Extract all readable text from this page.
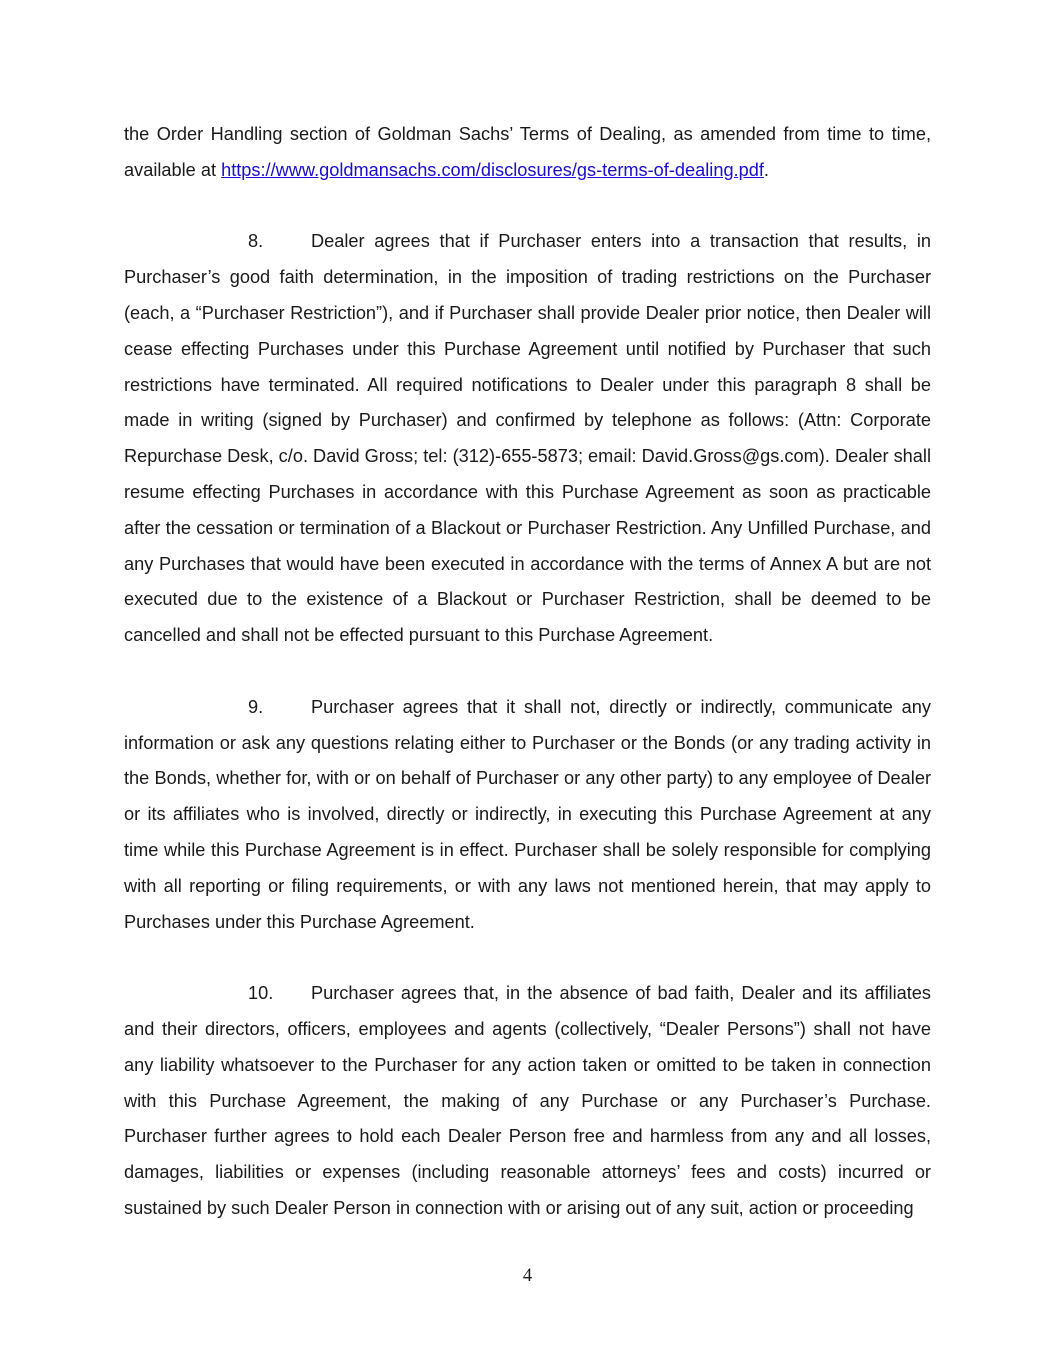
the Order Handling section of Goldman Sachs’ Terms of Dealing, as amended from time to time, available at https://www.goldmansachs.com/disclosures/gs-terms-of-dealing.pdf.

8.	Dealer agrees that if Purchaser enters into a transaction that results, in Purchaser’s good faith determination, in the imposition of trading restrictions on the Purchaser (each, a “Purchaser Restriction”), and if Purchaser shall provide Dealer prior notice, then Dealer will cease effecting Purchases under this Purchase Agreement until notified by Purchaser that such restrictions have terminated. All required notifications to Dealer under this paragraph 8 shall be made in writing (signed by Purchaser) and confirmed by telephone as follows: (Attn: Corporate Repurchase Desk, c/o. David Gross; tel: (312)-655-5873; email: David.Gross@gs.com). Dealer shall resume effecting Purchases in accordance with this Purchase Agreement as soon as practicable after the cessation or termination of a Blackout or Purchaser Restriction. Any Unfilled Purchase, and any Purchases that would have been executed in accordance with the terms of Annex A but are not executed due to the existence of a Blackout or Purchaser Restriction, shall be deemed to be cancelled and shall not be effected pursuant to this Purchase Agreement.

9.	Purchaser agrees that it shall not, directly or indirectly, communicate any information or ask any questions relating either to Purchaser or the Bonds (or any trading activity in the Bonds, whether for, with or on behalf of Purchaser or any other party) to any employee of Dealer or its affiliates who is involved, directly or indirectly, in executing this Purchase Agreement at any time while this Purchase Agreement is in effect. Purchaser shall be solely responsible for complying with all reporting or filing requirements, or with any laws not mentioned herein, that may apply to Purchases under this Purchase Agreement.

10. Purchaser agrees that, in the absence of bad faith, Dealer and its affiliates and their directors, officers, employees and agents (collectively, “Dealer Persons”) shall not have any liability whatsoever to the Purchaser for any action taken or omitted to be taken in connection with this Purchase Agreement, the making of any Purchase or any Purchaser’s Purchase. Purchaser further agrees to hold each Dealer Person free and harmless from any and all losses, damages, liabilities or expenses (including reasonable attorneys’ fees and costs) incurred or sustained by such Dealer Person in connection with or arising out of any suit, action or proceeding

4
